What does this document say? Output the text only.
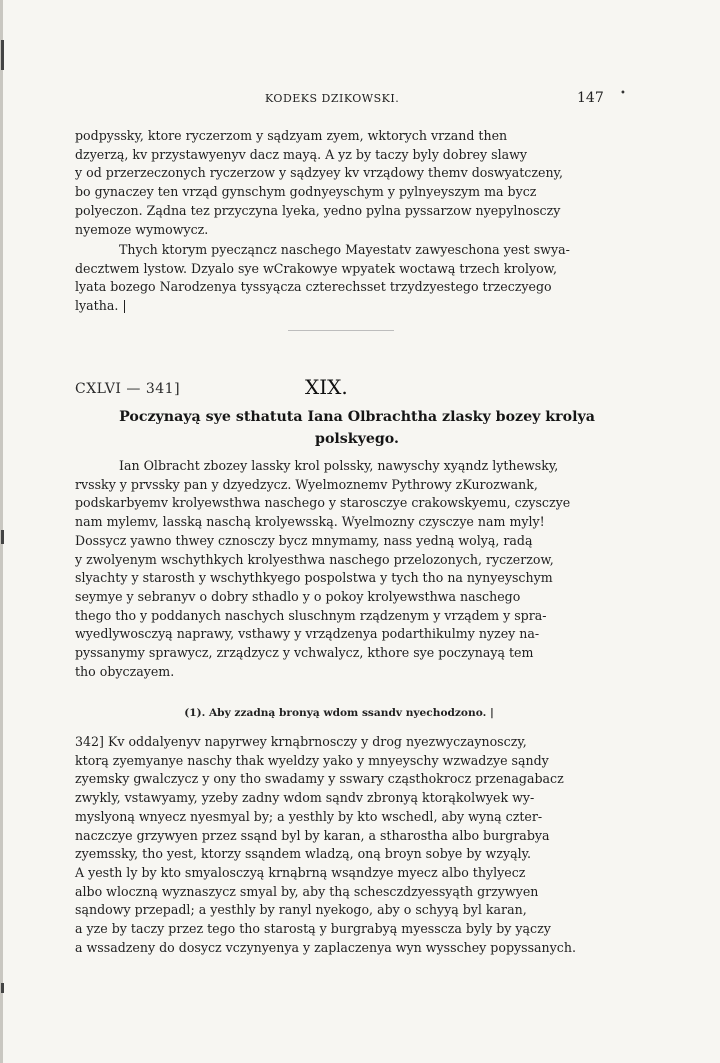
KODEKS DZIKOWSKI.	147 •

podpyssky, ktore ryczerzom y sądzyam zyem, wktorych vrzand then

dzyerzą, kv przystawyenyv dacz mayą. A yz by taczy byly dobrey slawy

y od przerzeczonych ryczerzow y sądzyey kv vrządowy themv doswyatczeny,

bo gynaczey ten vrząd gynschym godnyeyschym y pylnyeyszym ma bycz

polyeczon. Ządna tez przyczyna lyeka, yedno pylna pyssarzow nyepylnosczy

nyemoze wymowycz.

Thych ktorym pyecząncz naschego Mayestatv zawyeschona yest swya-

decztwem lystow. Dzyalo sye wCrakowye wpyatek woctawą trzech krolyow,

lyata bozego Narodzenya tyssyącza czterechsset trzydzyestego trzeczyego

lyatha. |

CXLVI — 341]	XIX.
Poczynayą sye sthatuta Iana Olbrachtha zlasky bozey krolya
polskyego.

Ian Olbracht zbozey lassky krol polssky, nawyschy xyąndz lythewsky,

rvssky y prvssky pan y dzyedzycz. Wyelmoznemv Pythrowy zKurozwank,

podskarbyemv krolyewsthwa naschego y starosczye crakowskyemu, czysczye

nam mylemv, lasską naschą krolyewsską. Wyelmozny czysczye nam myly!

Dossycz yawno thwey cznosczy bycz mnymamy, nass yedną wolyą, radą

y zwolyenym wschythkych krolyesthwa naschego przelozonych, ryczerzow,

slyachty y starosth y wschythkyego pospolstwa y tych tho na nynyeyschym

seymye y sebranyv o dobry sthadlo y o pokoy krolyewsthwa naschego

thego tho y poddanych naschych sluschnym rządzenym y vrządem y spra-

wyedlywosczyą naprawy, vsthawy y vrządzenya podarthikulmy nyzey na-

pyssanymy sprawycz, zrządzycz y vchwalycz, kthore sye poczynayą tem

tho obyczayem.

(1). Aby zzadną bronyą wdom ssandv nyechodzono. |

342] Kv oddalyenyv napyrwey krnąbrnosczy y drog nyezwyczaynosczy,

ktorą zyemyanye naschy thak wyeldzy yako y mnyeyschy wzwadzye sąndy

zyemsky gwalczycz y ony tho swadamy y sswary cząsthokrocz przenagabacz

zwykly, vstawyamy, yzeby zadny wdom sąndv zbronyą ktorąkolwyek wy-

myslyoną wnyecz nyesmyal by; a yesthly by kto wschedl, aby wyną czter-

naczczye grzywyen przez ssąnd byl by karan, a stharostha albo burgrabya

zyemssky, tho yest, ktorzy ssąndem wladzą, oną broyn sobye by wzyąly.

A yesth ly by kto smyalosczyą krnąbrną wsąndzye myecz albo thylyecz

albo wloczną wyznaszycz smyal by, aby thą schesczdzyessyąth grzywyen

sąndowy przepadl; a yesthly by ranyl nyekogo, aby o schyyą byl karan,

a yze by taczy przez tego tho starostą y burgrabyą myesscza byly by yączy

a wssadzeny do dosycz vczynyenya y zaplaczenya wyn wysschey popyssanych.
